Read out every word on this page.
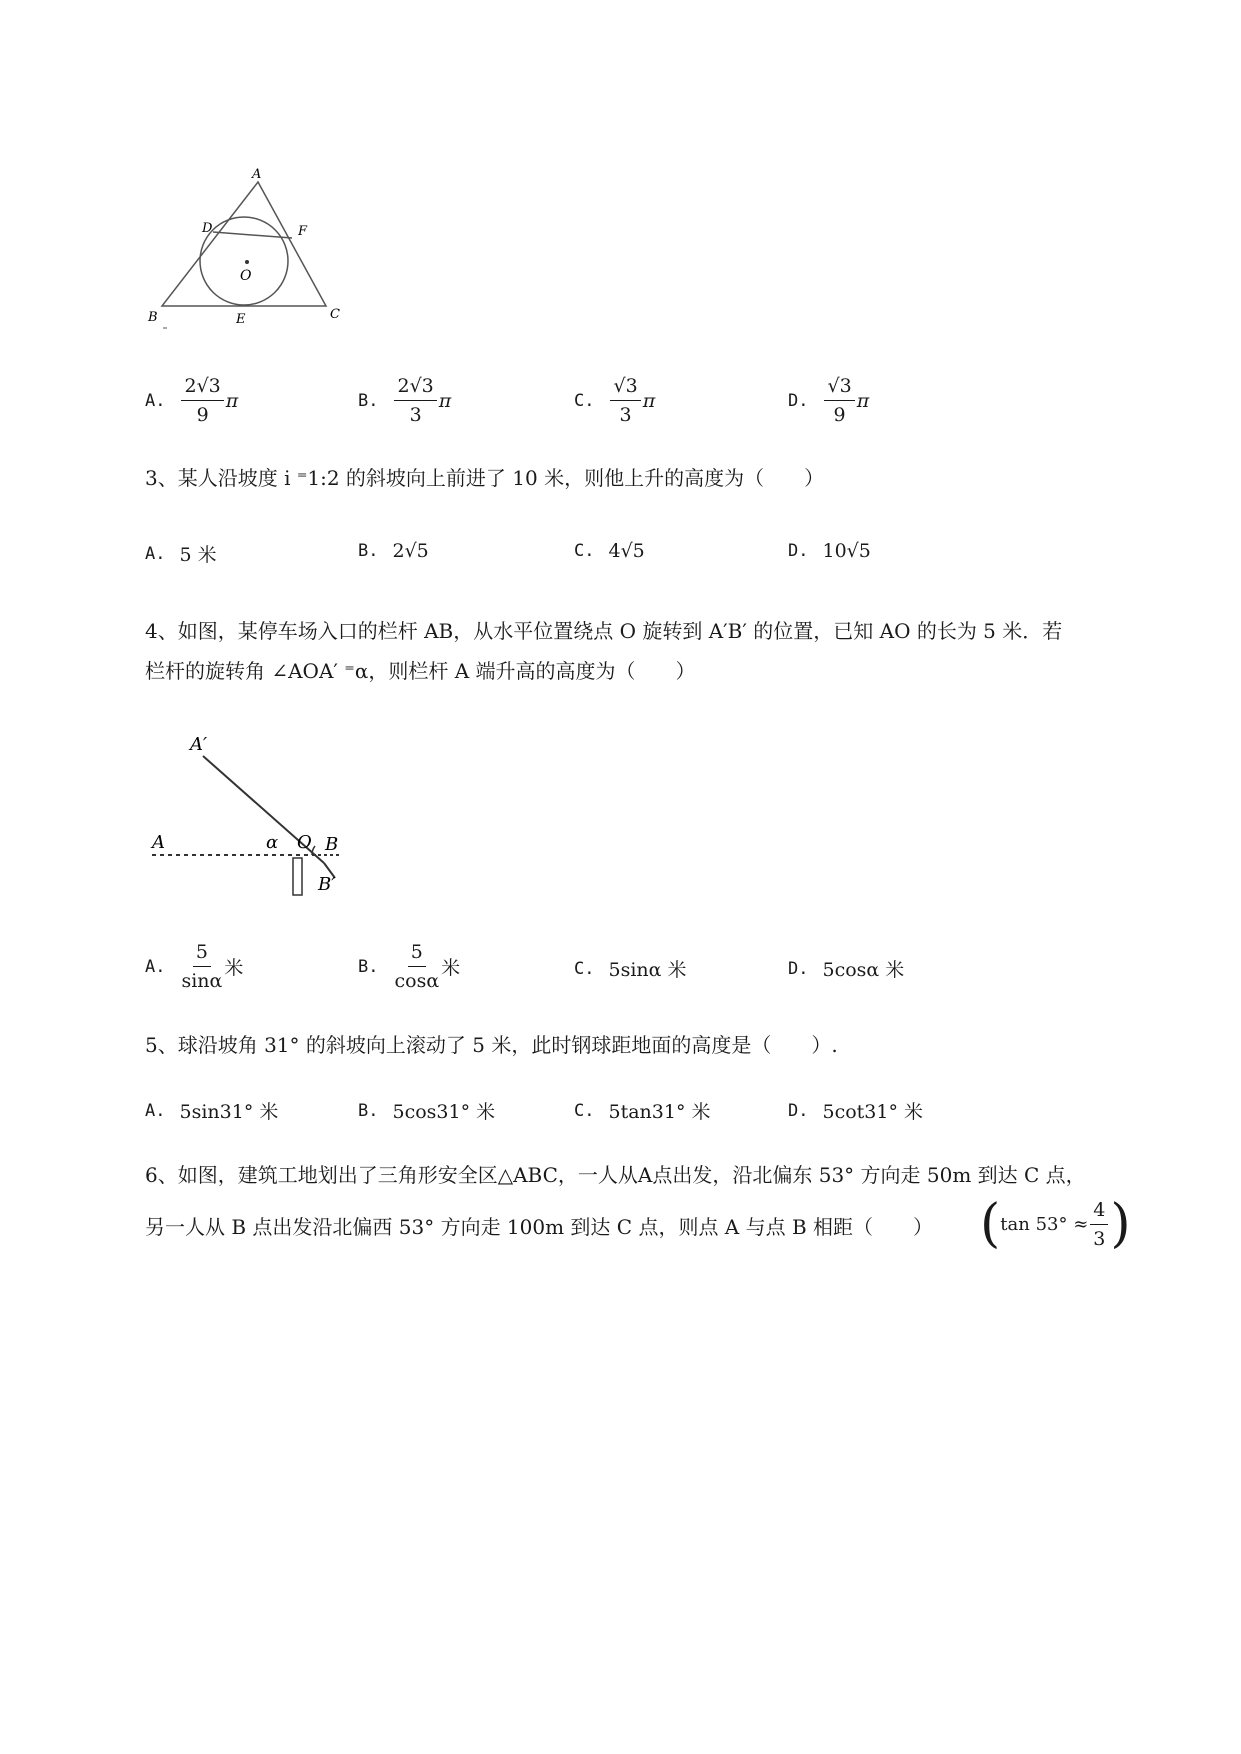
A
D	F
O
B	E	C
A. $\frac{2√3}{9}$ π	B. $\frac{2√3}{3}$ π	C. $\frac{√3}{3}$ π	D. $\frac{√3}{9}$ π
3、某人沿坡度 i ⁼1:2 的斜坡向上前进了 10 米，则他上升的高度为（　　）
A. 5 米	B. 2√5	C. 4√5	D. 10√5
4、如图，某停车场入口的栏杆 AB，从水平位置绕点 O 旋转到 A′B′ 的位置，已知 AO 的长为 5 米．若
栏杆的旋转角 ∠AOA′ ⁼α，则栏杆 A 端升高的高度为（　　）
A′
A	α O B
B′
A. $\frac{5}{\sin\alpha}$ 米	B. $\frac{5}{\cos\alpha}$ 米	C. 5sinα 米	D. 5cosα 米
5、球沿坡角 31° 的斜坡向上滚动了 5 米，此时钢球距地面的高度是（　　）.
A. 5sin31° 米	B. 5cos31° 米	C. 5tan31° 米	D. 5cot31° 米
6、如图，建筑工地划出了三角形安全区△ABC，一人从A点出发，沿北偏东 53° 方向走 50m 到达 C 点，
另一人从 B 点出发沿北偏西 53° 方向走 100m 到达 C 点，则点 A 与点 B 相距（　　） ( $\tan 53^\circ \approx \frac{4}{3}$ )
